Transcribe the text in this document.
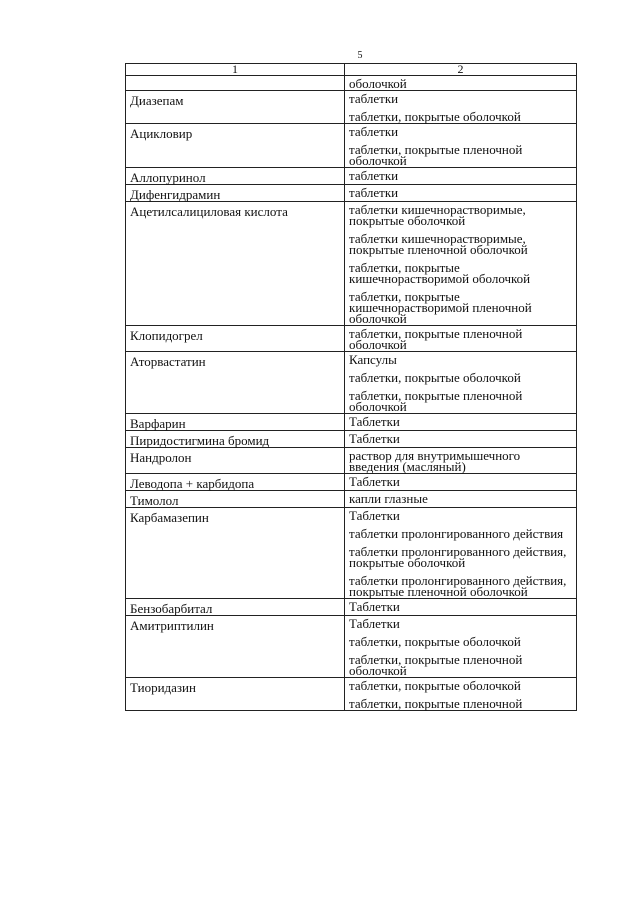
5
1	2

	оболочкой

Диазепам	таблетки
таблетки, покрытые оболочкой

Ацикловир	таблетки
таблетки, покрытые пленочной оболочкой

Аллопуринол	таблетки

Дифенгидрамин	таблетки

Ацетилсалициловая кислота	таблетки кишечнорастворимые, покрытые оболочкой
таблетки кишечнорастворимые, покрытые пленочной оболочкой
таблетки, покрытые кишечнорастворимой оболочкой
таблетки, покрытые кишечнорастворимой пленочной оболочкой

Клопидогрел	таблетки, покрытые пленочной оболочкой

Аторвастатин	Капсулы
таблетки, покрытые оболочкой
таблетки, покрытые пленочной оболочкой

Варфарин	Таблетки

Пиридостигмина бромид	Таблетки

Нандролон	раствор для внутримышечного введения (масляный)

Леводопа + карбидопа	Таблетки

Тимолол	капли глазные

Карбамазепин	Таблетки
таблетки пролонгированного действия
таблетки пролонгированного действия, покрытые оболочкой
таблетки пролонгированного действия, покрытые пленочной оболочкой

Бензобарбитал	Таблетки

Амитриптилин	Таблетки
таблетки, покрытые оболочкой
таблетки, покрытые пленочной оболочкой

Тиоридазин	таблетки, покрытые оболочкой
таблетки, покрытые пленочной
